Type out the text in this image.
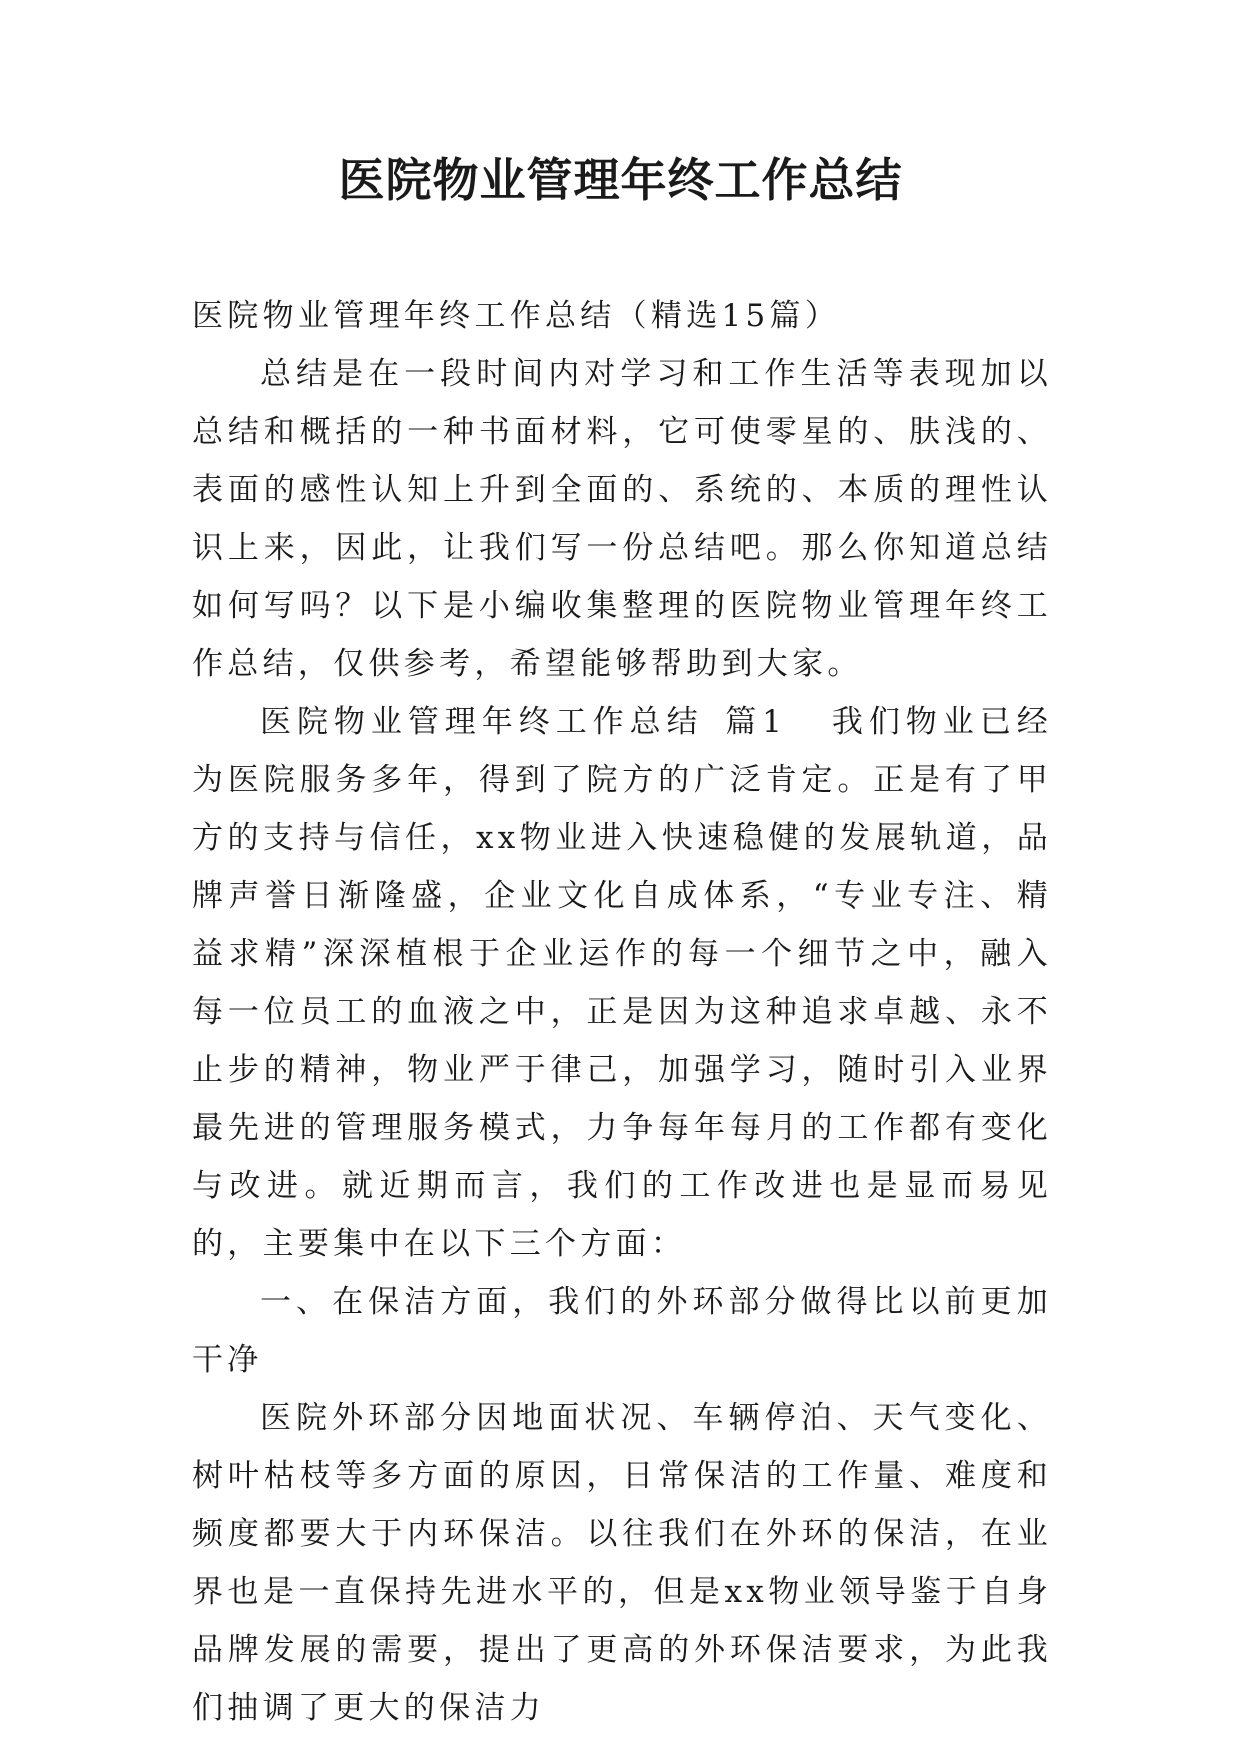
医院物业管理年终工作总结

医院物业管理年终工作总结（精选15篇）

总结是在一段时间内对学习和工作生活等表现加以总结和概括的一种书面材料，它可使零星的、肤浅的、表面的感性认知上升到全面的、系统的、本质的理性认识上来，因此，让我们写一份总结吧。那么你知道总结如何写吗？以下是小编收集整理的医院物业管理年终工作总结，仅供参考，希望能够帮助到大家。

医院物业管理年终工作总结 篇1 我们物业已经为医院服务多年，得到了院方的广泛肯定。正是有了甲方的支持与信任，xx物业进入快速稳健的发展轨道，品牌声誉日渐隆盛，企业文化自成体系，“专业专注、精益求精”深深植根于企业运作的每一个细节之中，融入每一位员工的血液之中，正是因为这种追求卓越、永不止步的精神，物业严于律己，加强学习，随时引入业界最先进的管理服务模式，力争每年每月的工作都有变化与改进。就近期而言，我们的工作改进也是显而易见的，主要集中在以下三个方面：

一、在保洁方面，我们的外环部分做得比以前更加干净

医院外环部分因地面状况、车辆停泊、天气变化、树叶枯枝等多方面的原因，日常保洁的工作量、难度和频度都要大于内环保洁。以往我们在外环的保洁，在业界也是一直保持先进水平的，但是xx物业领导鉴于自身品牌发展的需要，提出了更高的外环保洁要求，为此我们抽调了更大的保洁力
